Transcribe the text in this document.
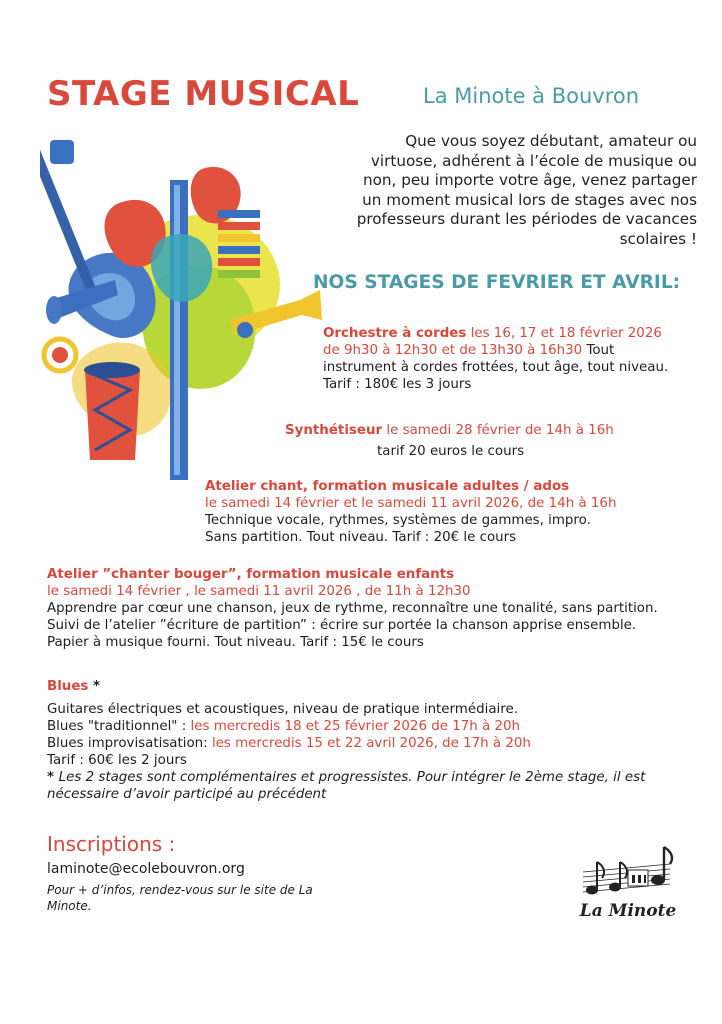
STAGE MUSICAL	La Minote à Bouvron
Que vous soyez débutant, amateur ou virtuose, adhérent à l’école de musique ou non, peu importe votre âge, venez partager un moment musical lors de stages avec nos professeurs durant les périodes de vacances scolaires !
NOS STAGES DE FEVRIER ET AVRIL:
Orchestre à cordes les 16, 17 et 18 février 2026 de 9h30 à 12h30 et de 13h30 à 16h30 Tout instrument à cordes frottées, tout âge, tout niveau. Tarif : 180€ les 3 jours
Synthétiseur le samedi 28 février de 14h à 16h
tarif 20 euros le cours
Atelier chant, formation musicale adultes / ados
le samedi 14 février et le samedi 11 avril 2026, de 14h à 16h
Technique vocale, rythmes, systèmes de gammes, impro.
Sans partition. Tout niveau. Tarif : 20€ le cours
Atelier ”chanter bouger”, formation musicale enfants
le samedi 14 février , le samedi 11 avril 2026 , de 11h à 12h30
Apprendre par cœur une chanson, jeux de rythme, reconnaître une tonalité, sans partition. Suivi de l’atelier ”écriture de partition” : écrire sur portée la chanson apprise ensemble. Papier à musique fourni. Tout niveau. Tarif : 15€ le cours
Blues *
Guitares électriques et acoustiques, niveau de pratique intermédiaire.
Blues "traditionnel" : les mercredis 18 et 25 février 2026 de 17h à 20h
Blues improvisatisation: les mercredis 15 et 22 avril 2026, de 17h à 20h
Tarif : 60€ les 2 jours
* Les 2 stages sont complémentaires et progressistes. Pour intégrer le 2ème stage, il est nécessaire d’avoir participé au précédent
Inscriptions :
laminote@ecolebouvron.org
Pour + d’infos, rendez-vous sur le site de La Minote.	La Minote
